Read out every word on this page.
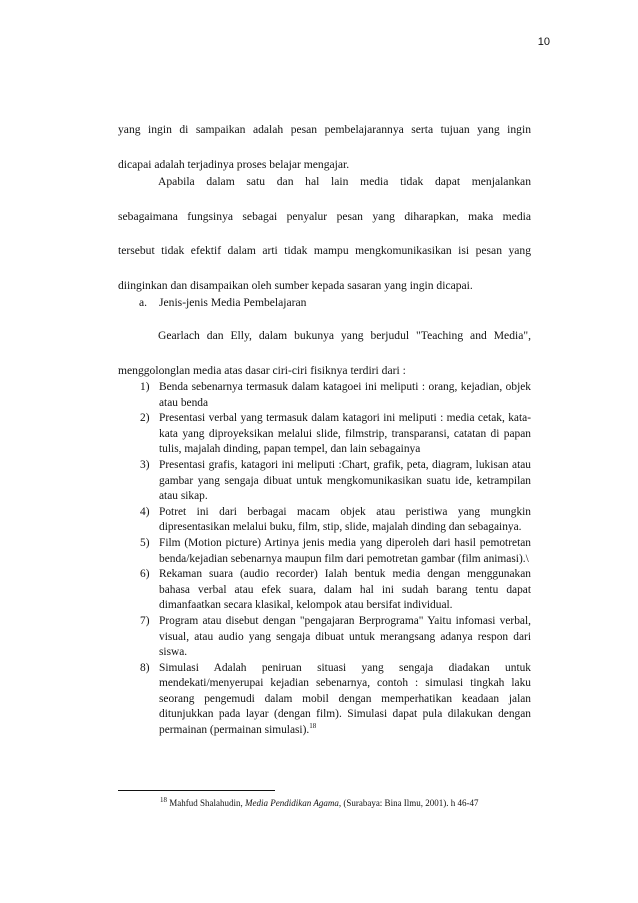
10
yang ingin di sampaikan adalah pesan pembelajarannya serta tujuan yang ingin
dicapai adalah terjadinya proses belajar mengajar.
Apabila dalam satu dan hal lain media tidak dapat menjalankan
sebagaimana fungsinya sebagai penyalur pesan yang diharapkan, maka media
tersebut tidak efektif dalam arti tidak mampu mengkomunikasikan isi pesan yang
diinginkan dan disampaikan oleh sumber kepada sasaran yang ingin dicapai.
a. Jenis-jenis Media Pembelajaran
Gearlach dan Elly, dalam bukunya yang berjudul "Teaching and Media",
menggolonglan media atas dasar ciri-ciri fisiknya terdiri dari :
1) Benda sebenarnya termasuk dalam katagoei ini meliputi : orang, kejadian, objek atau benda
2) Presentasi verbal yang termasuk dalam katagori ini meliputi : media cetak, kata-kata yang diproyeksikan melalui slide, filmstrip, transparansi, catatan di papan tulis, majalah dinding, papan tempel, dan lain sebagainya
3) Presentasi grafis, katagori ini meliputi :Chart, grafik, peta, diagram, lukisan atau gambar yang sengaja dibuat untuk mengkomunikasikan suatu ide, ketrampilan atau sikap.
4) Potret ini dari berbagai macam objek atau peristiwa yang mungkin dipresentasikan melalui buku, film, stip, slide, majalah dinding dan sebagainya.
5) Film (Motion picture) Artinya jenis media yang diperoleh dari hasil pemotretan benda/kejadian sebenarnya maupun film dari pemotretan gambar (film animasi).\
6) Rekaman suara (audio recorder) Ialah bentuk media dengan menggunakan bahasa verbal atau efek suara, dalam hal ini sudah barang tentu dapat dimanfaatkan secara klasikal, kelompok atau bersifat individual.
7) Program atau disebut dengan "pengajaran Berprograma" Yaitu infomasi verbal, visual, atau audio yang sengaja dibuat untuk merangsang adanya respon dari siswa.
8) Simulasi Adalah peniruan situasi yang sengaja diadakan untuk mendekati/menyerupai kejadian sebenarnya, contoh : simulasi tingkah laku seorang pengemudi dalam mobil dengan memperhatikan keadaan jalan ditunjukkan pada layar (dengan film). Simulasi dapat pula dilakukan dengan permainan (permainan simulasi).$^{18}$
$^{18}$ Mahfud Shalahudin, Media Pendidikan Agama, (Surabaya: Bina Ilmu, 2001). h 46-47
